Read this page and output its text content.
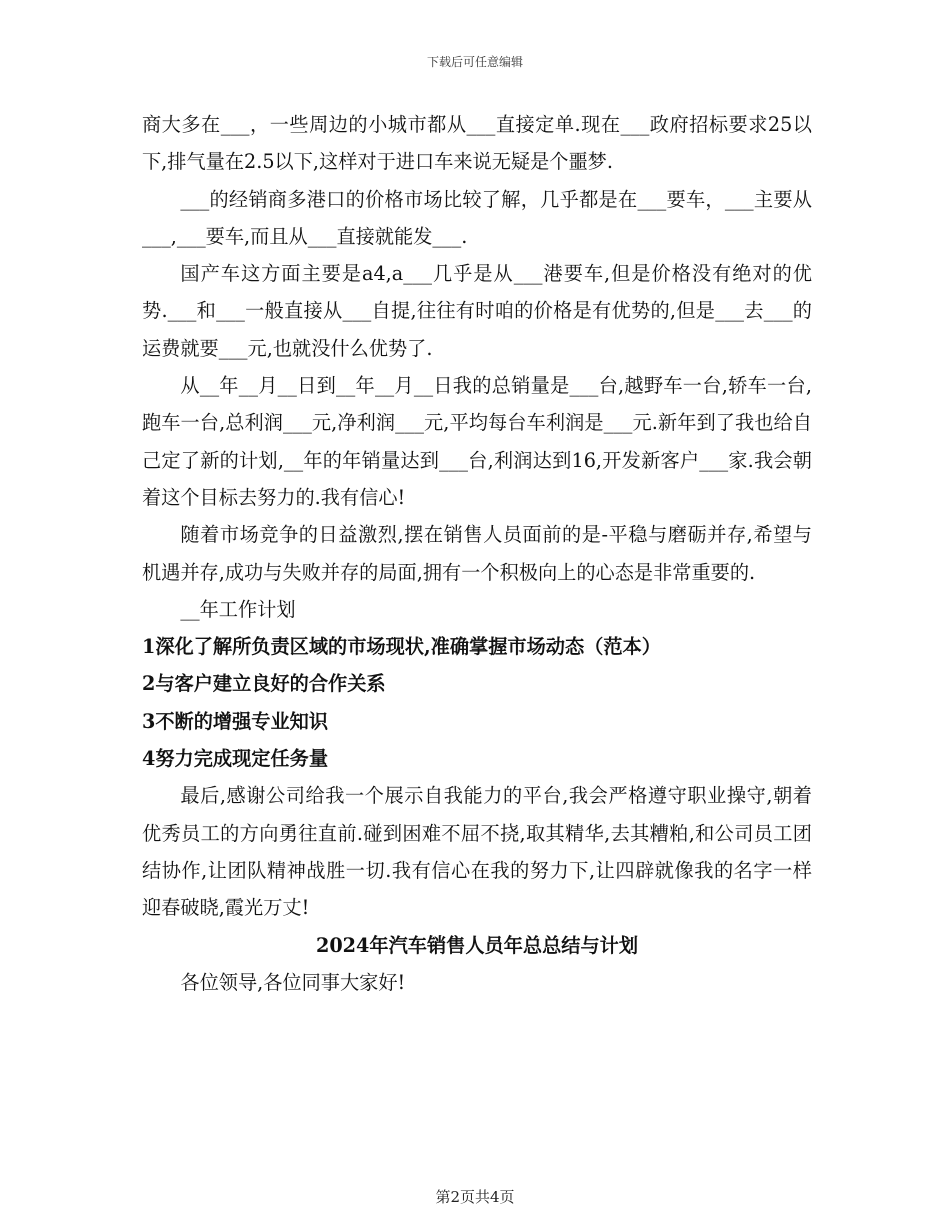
下载后可任意编辑

商大多在___，一些周边的小城市都从___直接定单.现在___政府招标要求25以下,排气量在2.5以下,这样对于进口车来说无疑是个噩梦.

___的经销商多港口的价格市场比较了解，几乎都是在___要车，___主要从___,___要车,而且从___直接就能发___.

国产车这方面主要是a4,a___几乎是从___港要车,但是价格没有绝对的优势.___和___一般直接从___自提,往往有时咱的价格是有优势的,但是___去___的运费就要___元,也就没什么优势了.

从__年__月__日到__年__月__日我的总销量是___台,越野车一台,轿车一台,跑车一台,总利润___元,净利润___元,平均每台车利润是___元.新年到了我也给自己定了新的计划,__年的年销量达到___台,利润达到16,开发新客户___家.我会朝着这个目标去努力的.我有信心!

随着市场竞争的日益激烈,摆在销售人员面前的是-平稳与磨砺并存,希望与机遇并存,成功与失败并存的局面,拥有一个积极向上的心态是非常重要的.

__年工作计划

1深化了解所负责区域的市场现状,准确掌握市场动态（范本）

2与客户建立良好的合作关系

3不断的增强专业知识

4努力完成现定任务量

最后,感谢公司给我一个展示自我能力的平台,我会严格遵守职业操守,朝着优秀员工的方向勇往直前.碰到困难不屈不挠,取其精华,去其糟粕,和公司员工团结协作,让团队精神战胜一切.我有信心在我的努力下,让四辟就像我的名字一样迎春破晓,霞光万丈!

2024年汽车销售人员年总总结与计划

各位领导,各位同事大家好!

第2页共4页
